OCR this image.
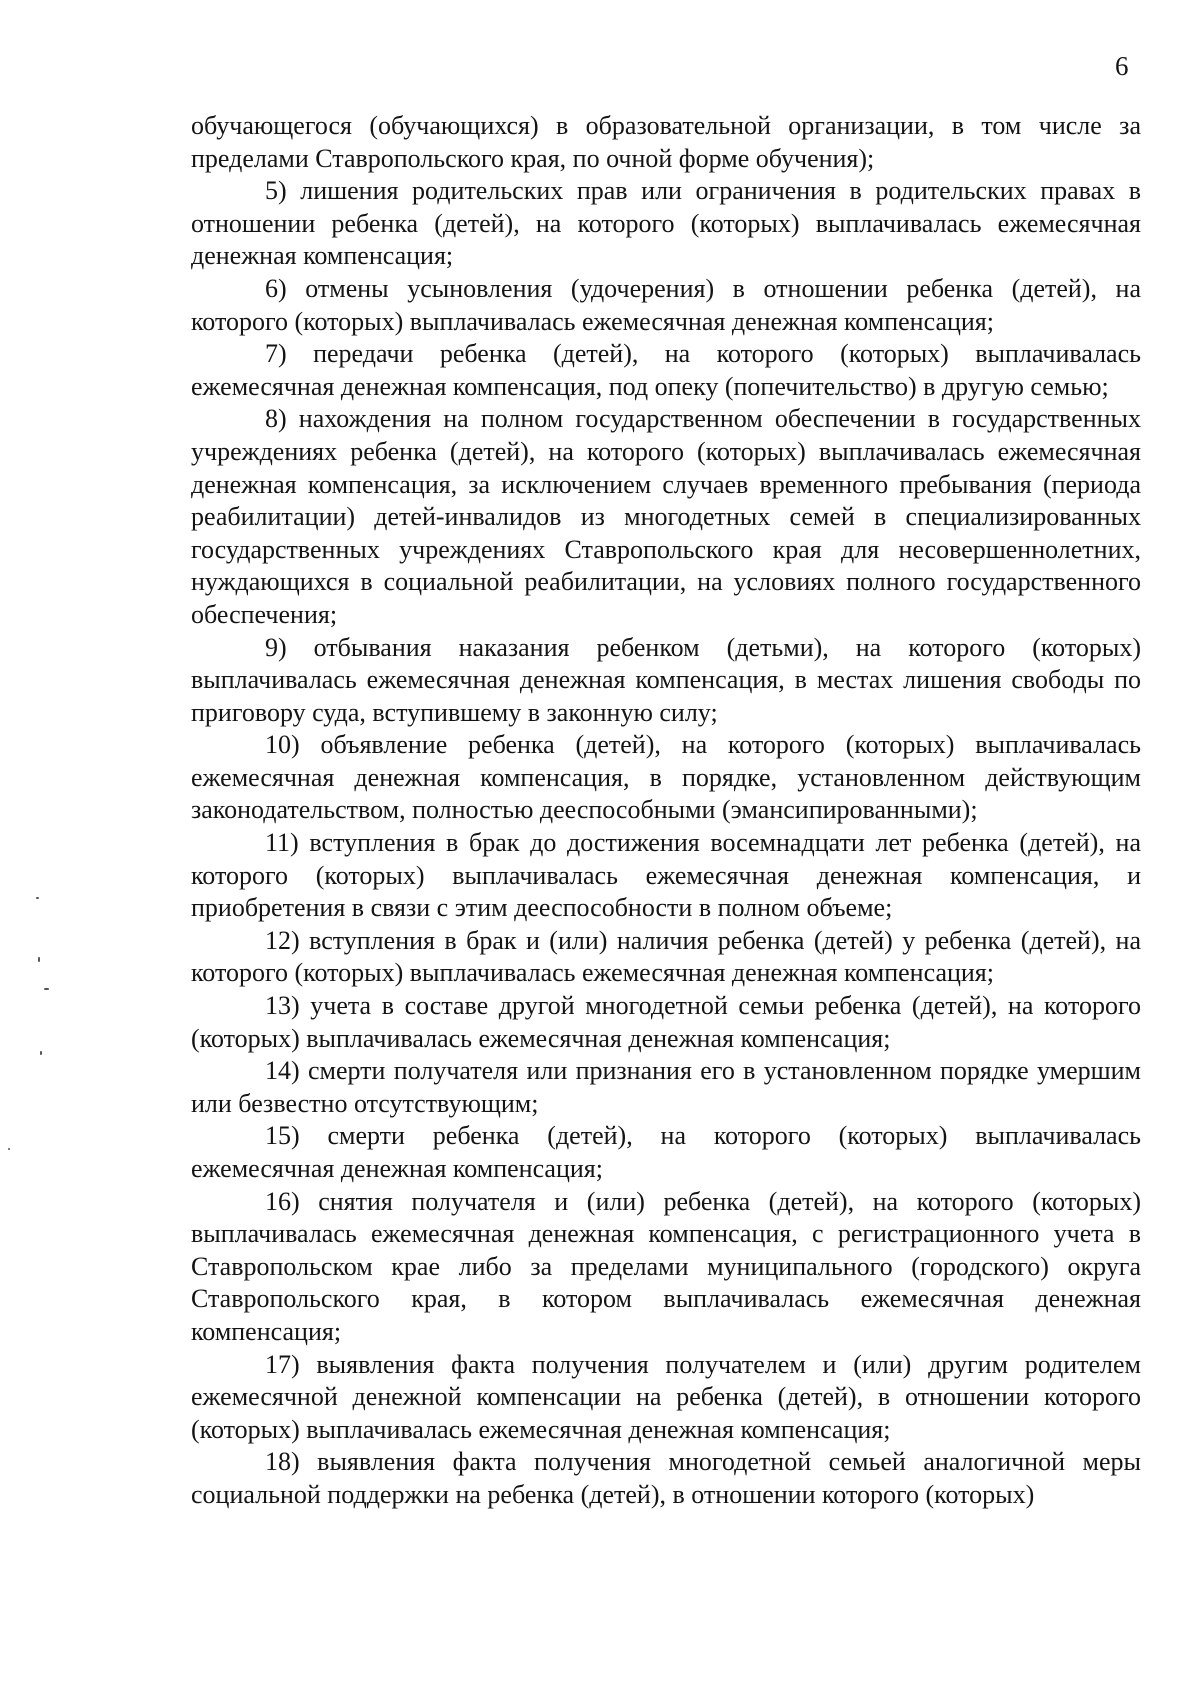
6

обучающегося (обучающихся) в образовательной организации, в том числе за пределами Ставропольского края, по очной форме обучения);

5) лишения родительских прав или ограничения в родительских правах в отношении ребенка (детей), на которого (которых) выплачивалась ежемесячная денежная компенсация;

6) отмены усыновления (удочерения) в отношении ребенка (детей), на которого (которых) выплачивалась ежемесячная денежная компенсация;

7) передачи ребенка (детей), на которого (которых) выплачивалась ежемесячная денежная компенсация, под опеку (попечительство) в другую семью;

8) нахождения на полном государственном обеспечении в государственных учреждениях ребенка (детей), на которого (которых) выплачивалась ежемесячная денежная компенсация, за исключением случаев временного пребывания (периода реабилитации) детей-инвалидов из многодетных семей в специализированных государственных учреждениях Ставропольского края для несовершеннолетних, нуждающихся в социальной реабилитации, на условиях полного государственного обеспечения;

9) отбывания наказания ребенком (детьми), на которого (которых) выплачивалась ежемесячная денежная компенсация, в местах лишения свободы по приговору суда, вступившему в законную силу;

10) объявление ребенка (детей), на которого (которых) выплачивалась ежемесячная денежная компенсация, в порядке, установленном действующим законодательством, полностью дееспособными (эмансипированными);

11) вступления в брак до достижения восемнадцати лет ребенка (детей), на которого (которых) выплачивалась ежемесячная денежная компенсация, и приобретения в связи с этим дееспособности в полном объеме;

12) вступления в брак и (или) наличия ребенка (детей) у ребенка (детей), на которого (которых) выплачивалась ежемесячная денежная компенсация;

13) учета в составе другой многодетной семьи ребенка (детей), на которого (которых) выплачивалась ежемесячная денежная компенсация;

14) смерти получателя или признания его в установленном порядке умершим или безвестно отсутствующим;

15) смерти ребенка (детей), на которого (которых) выплачивалась ежемесячная денежная компенсация;

16) снятия получателя и (или) ребенка (детей), на которого (которых) выплачивалась ежемесячная денежная компенсация, с регистрационного учета в Ставропольском крае либо за пределами муниципального (городского) округа Ставропольского края, в котором выплачивалась ежемесячная денежная компенсация;

17) выявления факта получения получателем и (или) другим родителем ежемесячной денежной компенсации на ребенка (детей), в отношении которого (которых) выплачивалась ежемесячная денежная компенсация;

18) выявления факта получения многодетной семьей аналогичной меры социальной поддержки на ребенка (детей), в отношении которого (которых)
